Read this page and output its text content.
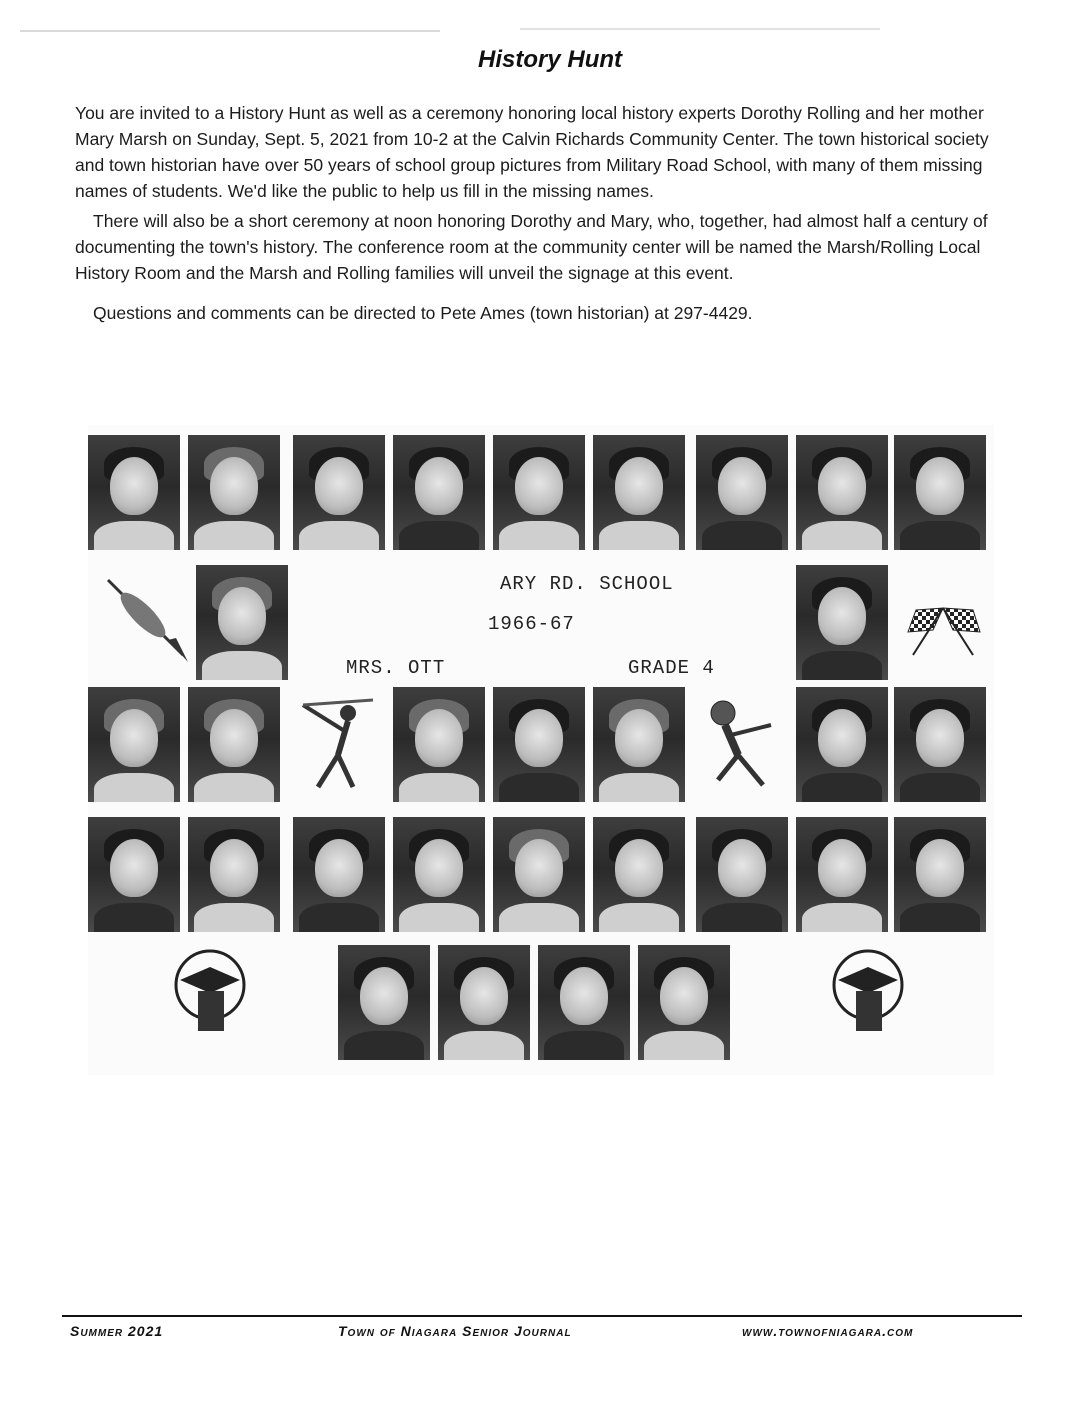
History Hunt

You are invited to a History Hunt as well as a ceremony honoring local history experts Dorothy Rolling and her mother Mary Marsh on Sunday, Sept. 5, 2021 from 10-2 at the Calvin Richards Community Center. The town historical society and town historian have over 50 years of school group pictures from Military Road School, with many of them missing names of students. We'd like the public to help us fill in the missing names.

There will also be a short ceremony at noon honoring Dorothy and Mary, who, together, had almost half a century of documenting the town's history. The conference room at the community center will be named the Marsh/Rolling Local History Room and the Marsh and Rolling families will unveil the signage at this event.

Questions and comments can be directed to Pete Ames (town historian) at 297-4429.

ARY RD. SCHOOL
1966-67
MRS. OTT	GRADE 4
Summer 2021	Town of Niagara Senior Journal	www.townofniagara.com
